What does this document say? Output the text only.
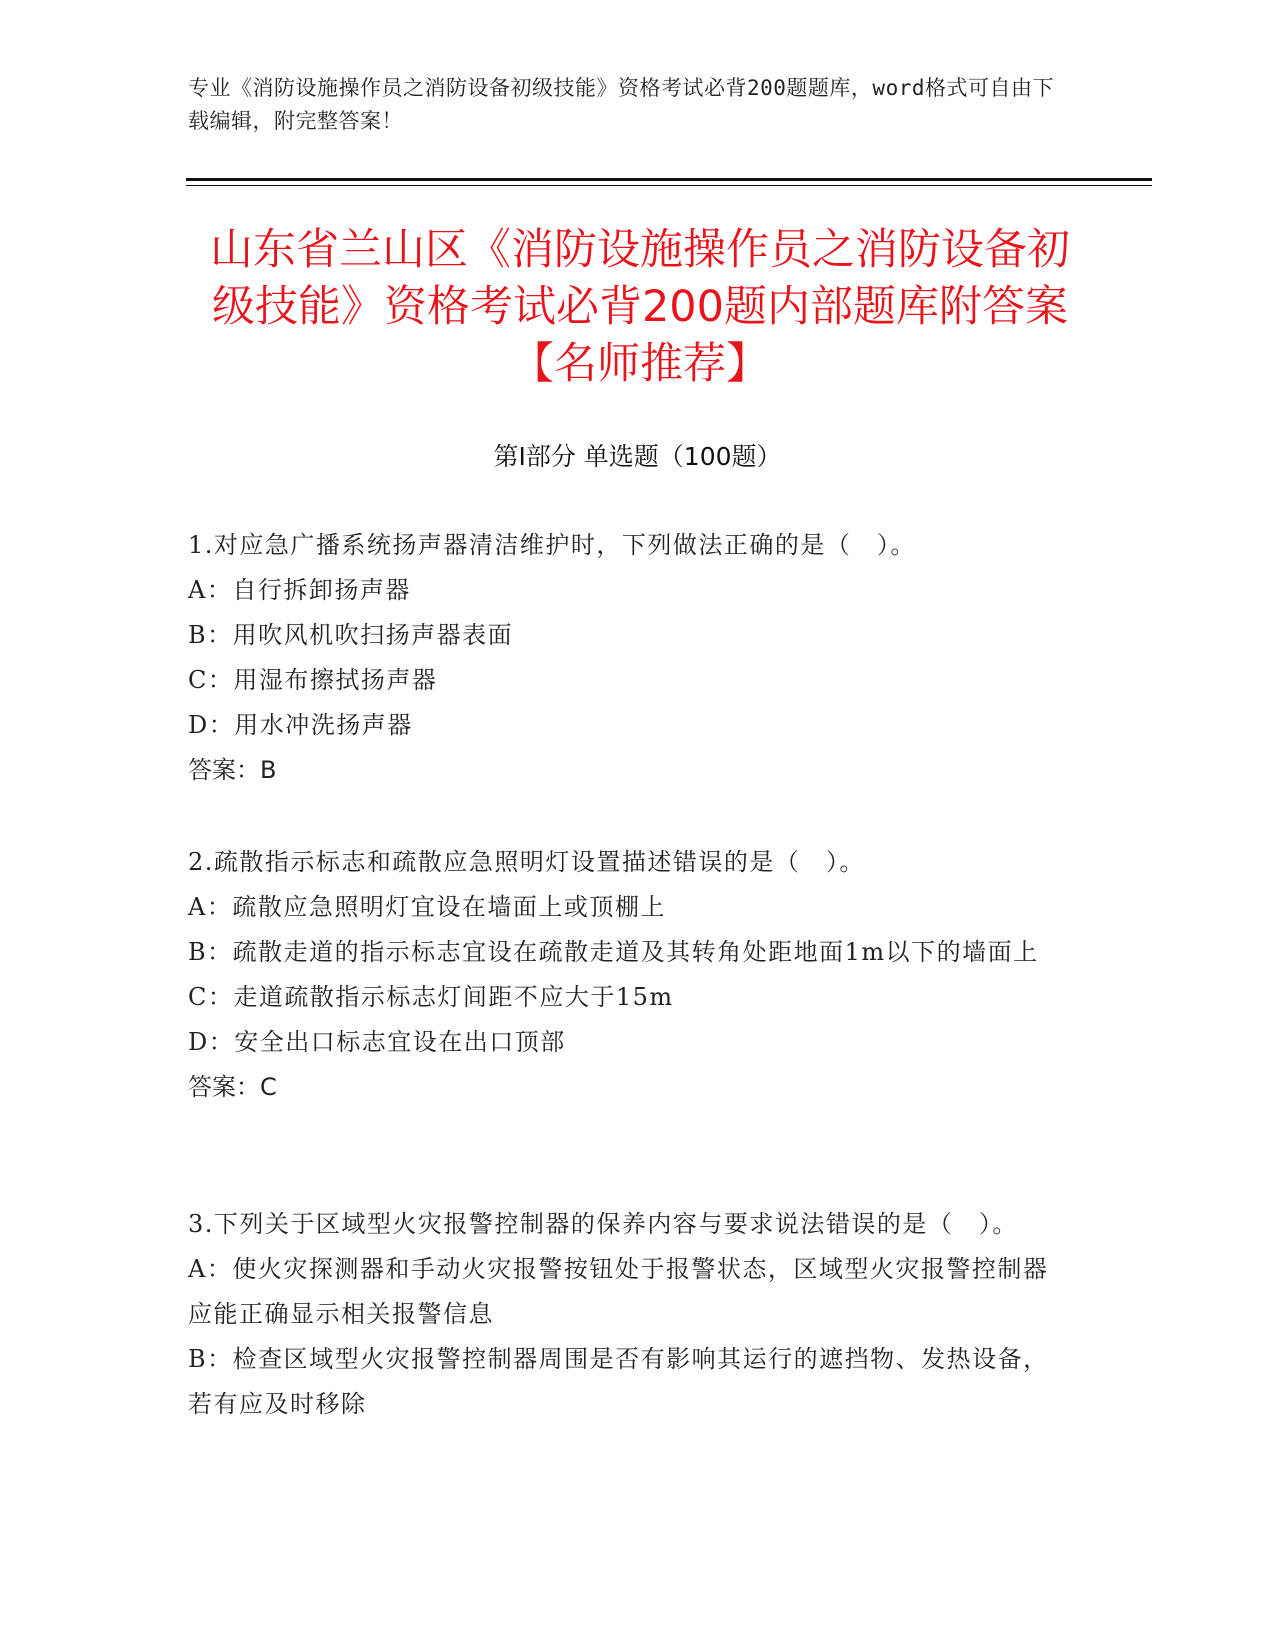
专业《消防设施操作员之消防设备初级技能》资格考试必背200题题库，word格式可自由下载编辑，附完整答案！
山东省兰山区《消防设施操作员之消防设备初级技能》资格考试必背200题内部题库附答案【名师推荐】
第Ⅰ部分 单选题（100题）

1.对应急广播系统扬声器清洁维护时，下列做法正确的是（　）。

A：自行拆卸扬声器

B：用吹风机吹扫扬声器表面

C：用湿布擦拭扬声器

D：用水冲洗扬声器

答案：B

2.疏散指示标志和疏散应急照明灯设置描述错误的是（　）。

A：疏散应急照明灯宜设在墙面上或顶棚上

B：疏散走道的指示标志宜设在疏散走道及其转角处距地面1m以下的墙面上

C：走道疏散指示标志灯间距不应大于15m

D：安全出口标志宜设在出口顶部

答案：C

3.下列关于区域型火灾报警控制器的保养内容与要求说法错误的是（　）。

A：使火灾探测器和手动火灾报警按钮处于报警状态，区域型火灾报警控制器应能正确显示相关报警信息

B：检查区域型火灾报警控制器周围是否有影响其运行的遮挡物、发热设备，若有应及时移除
